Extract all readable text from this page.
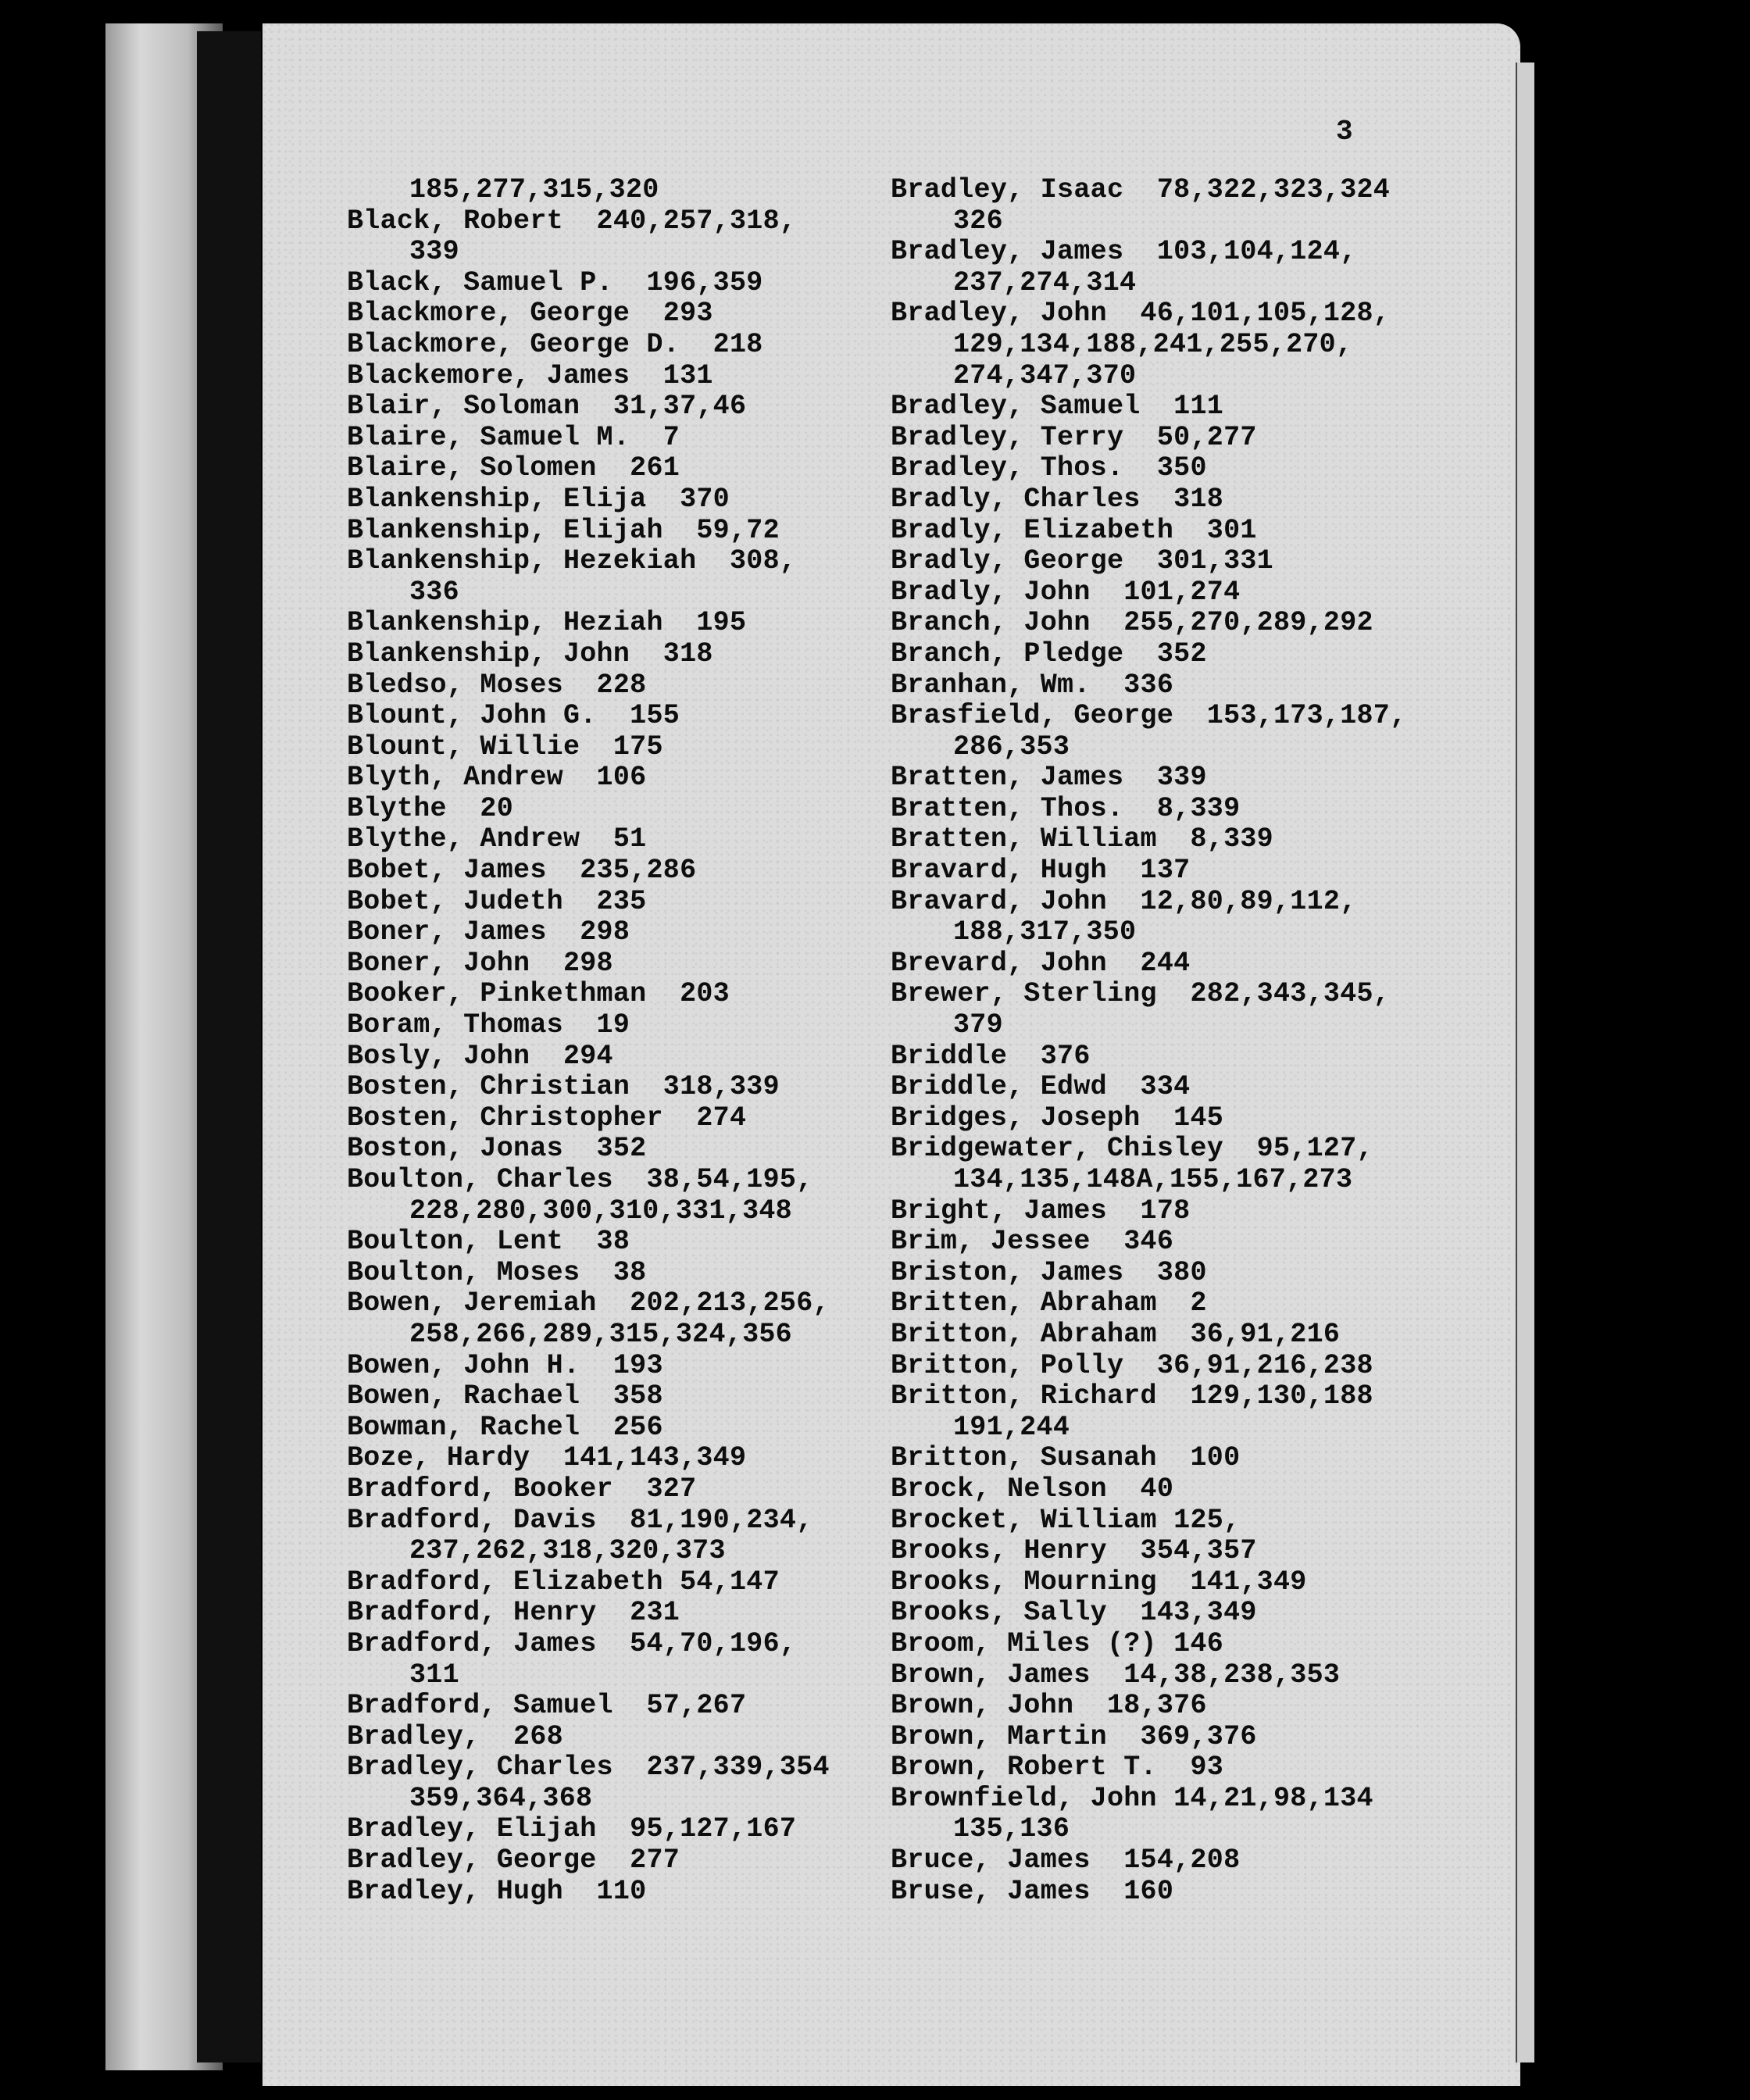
3
185,277,315,320
Black, Robert  240,257,318,
339
Black, Samuel P.  196,359
Blackmore, George  293
Blackmore, George D.  218
Blackemore, James  131
Blair, Soloman  31,37,46
Blaire, Samuel M.  7
Blaire, Solomen  261
Blankenship, Elija  370
Blankenship, Elijah  59,72
Blankenship, Hezekiah  308,
336
Blankenship, Heziah  195
Blankenship, John  318
Bledso, Moses  228
Blount, John G.  155
Blount, Willie  175
Blyth, Andrew  106
Blythe  20
Blythe, Andrew  51
Bobet, James  235,286
Bobet, Judeth  235
Boner, James  298
Boner, John  298
Booker, Pinkethman  203
Boram, Thomas  19
Bosly, John  294
Bosten, Christian  318,339
Bosten, Christopher  274
Boston, Jonas  352
Boulton, Charles  38,54,195,
228,280,300,310,331,348
Boulton, Lent  38
Boulton, Moses  38
Bowen, Jeremiah  202,213,256,
258,266,289,315,324,356
Bowen, John H.  193
Bowen, Rachael  358
Bowman, Rachel  256
Boze, Hardy  141,143,349
Bradford, Booker  327
Bradford, Davis  81,190,234,
237,262,318,320,373
Bradford, Elizabeth 54,147
Bradford, Henry  231
Bradford, James  54,70,196,
311
Bradford, Samuel  57,267
Bradley,  268
Bradley, Charles  237,339,354
359,364,368
Bradley, Elijah  95,127,167
Bradley, George  277
Bradley, Hugh  110
Bradley, Isaac  78,322,323,324
326
Bradley, James  103,104,124,
237,274,314
Bradley, John  46,101,105,128,
129,134,188,241,255,270,
274,347,370
Bradley, Samuel  111
Bradley, Terry  50,277
Bradley, Thos.  350
Bradly, Charles  318
Bradly, Elizabeth  301
Bradly, George  301,331
Bradly, John  101,274
Branch, John  255,270,289,292
Branch, Pledge  352
Branhan, Wm.  336
Brasfield, George  153,173,187,
286,353
Bratten, James  339
Bratten, Thos.  8,339
Bratten, William  8,339
Bravard, Hugh  137
Bravard, John  12,80,89,112,
188,317,350
Brevard, John  244
Brewer, Sterling  282,343,345,
379
Briddle  376
Briddle, Edwd  334
Bridges, Joseph  145
Bridgewater, Chisley  95,127,
134,135,148A,155,167,273
Bright, James  178
Brim, Jessee  346
Briston, James  380
Britten, Abraham  2
Britton, Abraham  36,91,216
Britton, Polly  36,91,216,238
Britton, Richard  129,130,188
191,244
Britton, Susanah  100
Brock, Nelson  40
Brocket, William 125,
Brooks, Henry  354,357
Brooks, Mourning  141,349
Brooks, Sally  143,349
Broom, Miles (?) 146
Brown, James  14,38,238,353
Brown, John  18,376
Brown, Martin  369,376
Brown, Robert T.  93
Brownfield, John 14,21,98,134
135,136
Bruce, James  154,208
Bruse, James  160
